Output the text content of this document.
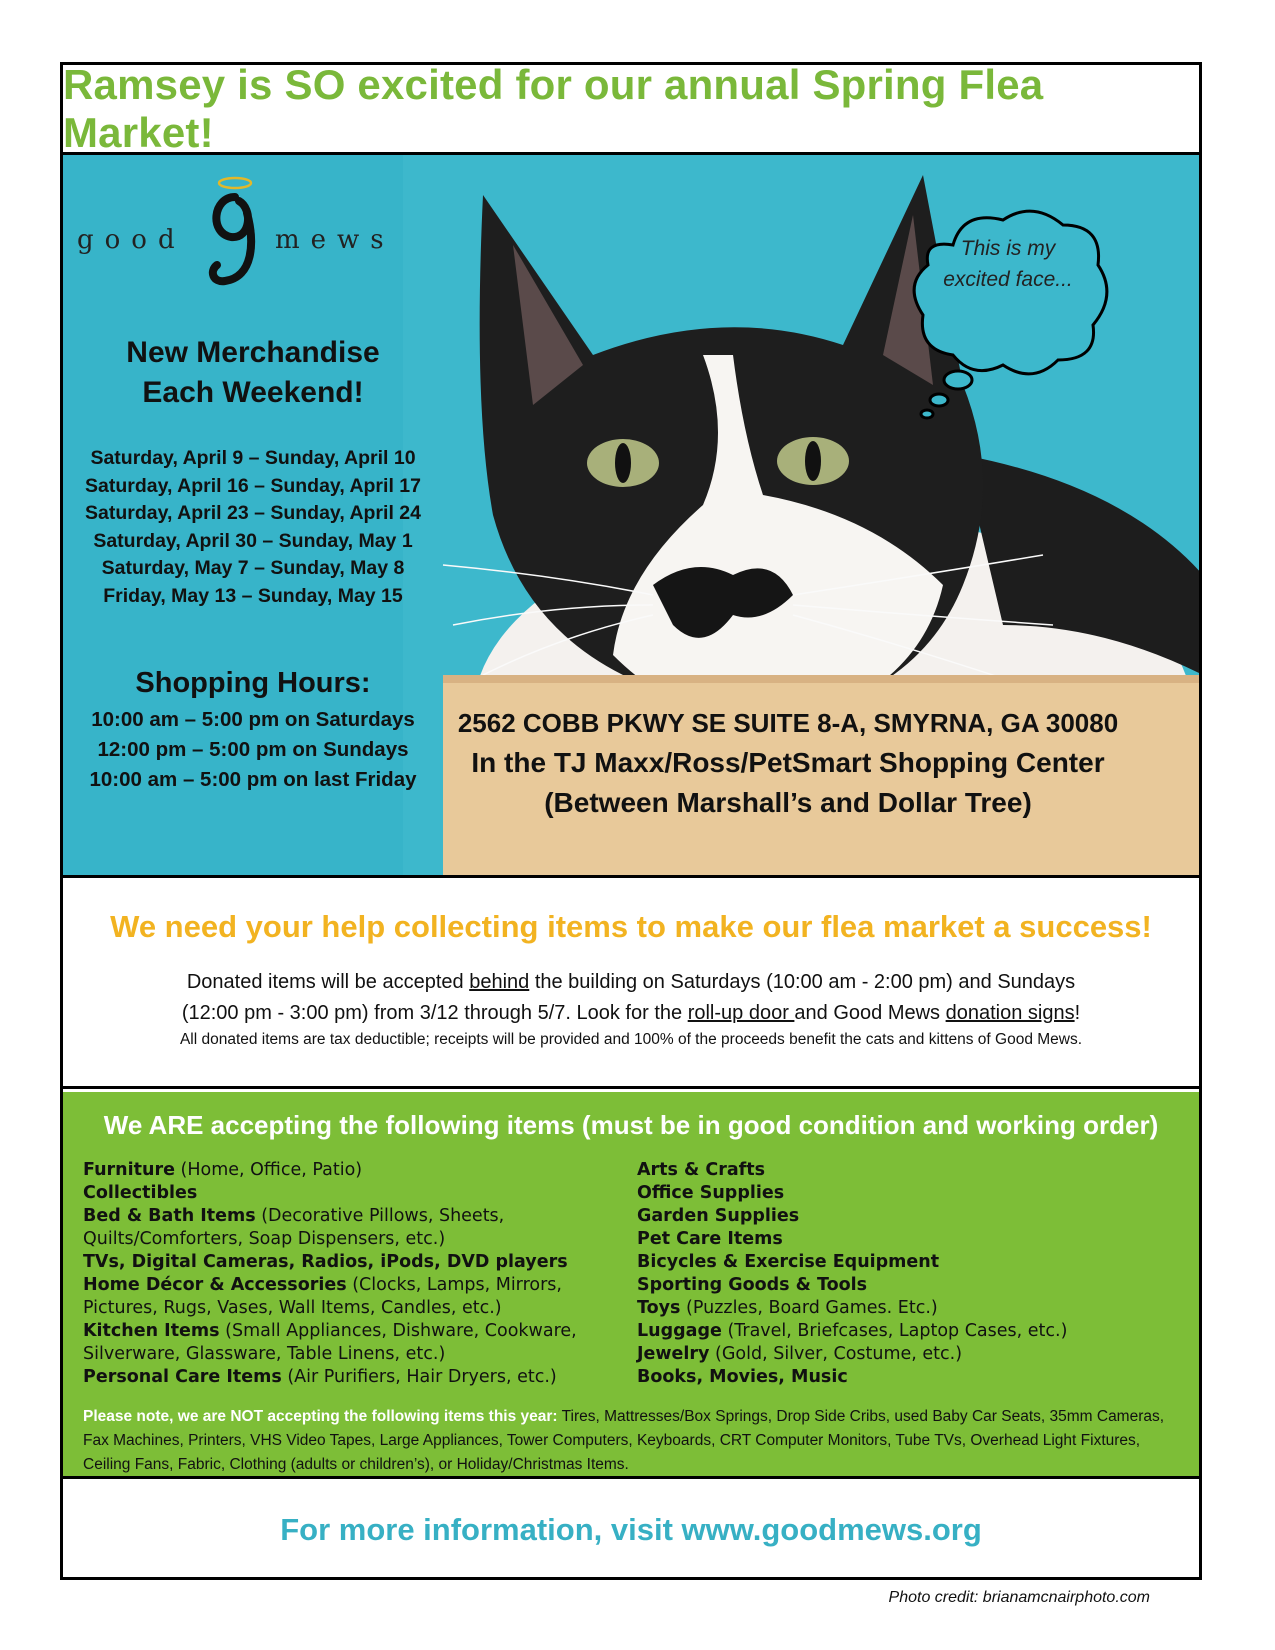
Ramsey is SO excited for our annual Spring Flea Market!
good	mews	This is my excited face...
New Merchandise
Each Weekend!
Saturday, April 9 – Sunday, April 10
Saturday, April 16 – Sunday, April 17
Saturday, April 23 – Sunday, April 24
Saturday, April 30 – Sunday, May 1
Saturday, May 7 – Sunday, May 8
Friday, May 13 – Sunday, May 15
Shopping Hours:
10:00 am – 5:00 pm on Saturdays
12:00 pm – 5:00 pm on Sundays
10:00 am – 5:00 pm on last Friday
2562 COBB PKWY SE SUITE 8-A, SMYRNA, GA 30080
In the TJ Maxx/Ross/PetSmart Shopping Center
(Between Marshall’s and Dollar Tree)
We need your help collecting items to make our flea market a success!

Donated items will be accepted behind the building on Saturdays (10:00 am - 2:00 pm) and Sundays

(12:00 pm - 3:00 pm) from 3/12 through 5/7. Look for the roll-up door and Good Mews donation signs!

All donated items are tax deductible; receipts will be provided and 100% of the proceeds benefit the cats and kittens of Good Mews.

We ARE accepting the following items (must be in good condition and working order)
Furniture (Home, Office, Patio)
Collectibles
Bed & Bath Items (Decorative Pillows, Sheets, Quilts/Comforters, Soap Dispensers, etc.)
TVs, Digital Cameras, Radios, iPods, DVD players
Home Décor & Accessories (Clocks, Lamps, Mirrors, Pictures, Rugs, Vases, Wall Items, Candles, etc.)
Kitchen Items (Small Appliances, Dishware, Cookware, Silverware, Glassware, Table Linens, etc.)
Personal Care Items (Air Purifiers, Hair Dryers, etc.)
Arts & Crafts
Office Supplies
Garden Supplies
Pet Care Items
Bicycles & Exercise Equipment
Sporting Goods & Tools
Toys (Puzzles, Board Games. Etc.)
Luggage (Travel, Briefcases, Laptop Cases, etc.)
Jewelry (Gold, Silver, Costume, etc.)
Books, Movies, Music
Please note, we are NOT accepting the following items this year: Tires, Mattresses/Box Springs, Drop Side Cribs, used Baby Car Seats, 35mm Cameras, Fax Machines, Printers, VHS Video Tapes, Large Appliances, Tower Computers, Keyboards, CRT Computer Monitors, Tube TVs, Overhead Light Fixtures, Ceiling Fans, Fabric, Clothing (adults or children’s), or Holiday/Christmas Items.
For more information, visit www.goodmews.org
Photo credit: brianamcnairphoto.com
